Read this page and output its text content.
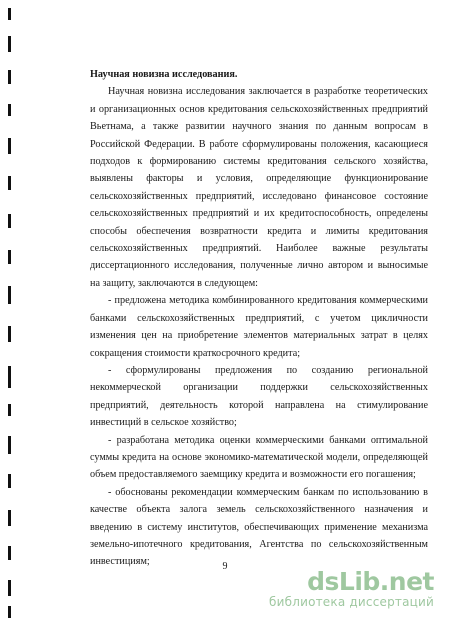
Научная новизна исследования.

Научная новизна исследования заключается в разработке теоретических и организационных основ кредитования сельскохозяйственных предприятий Вьетнама, а также развитии научного знания по данным вопросам в Российской Федерации. В работе сформулированы положения, касающиеся подходов к формированию системы кредитования сельского хозяйства, выявлены факторы и условия, определяющие функционирование сельскохозяйственных предприятий, исследовано финансовое состояние сельскохозяйственных предприятий и их кредитоспособность, определены способы обеспечения возвратности кредита и лимиты кредитования сельскохозяйственных предприятий. Наиболее важные результаты диссертационного исследования, полученные лично автором и выносимые на защиту, заключаются в следующем:

- предложена методика комбинированного кредитования коммерческими банками сельскохозяйственных предприятий, с учетом цикличности изменения цен на приобретение элементов материальных затрат в целях сокращения стоимости краткосрочного кредита;

- сформулированы предложения по созданию региональной некоммерческой организации поддержки сельскохозяйственных предприятий, деятельность которой направлена на стимулирование инвестиций в сельское хозяйство;

- разработана методика оценки коммерческими банками оптимальной суммы кредита на основе экономико-математической модели, определяющей объем предоставляемого заемщику кредита и возможности его погашения;

- обоснованы рекомендации коммерческим банкам по использованию в качестве объекта залога земель сельскохозяйственного назначения и введению в систему институтов, обеспечивающих применение механизма земельно-ипотечного кредитования, Агентства по сельскохозяйственным инвестициям;	9
dsLib.net
библиотека диссертаций
